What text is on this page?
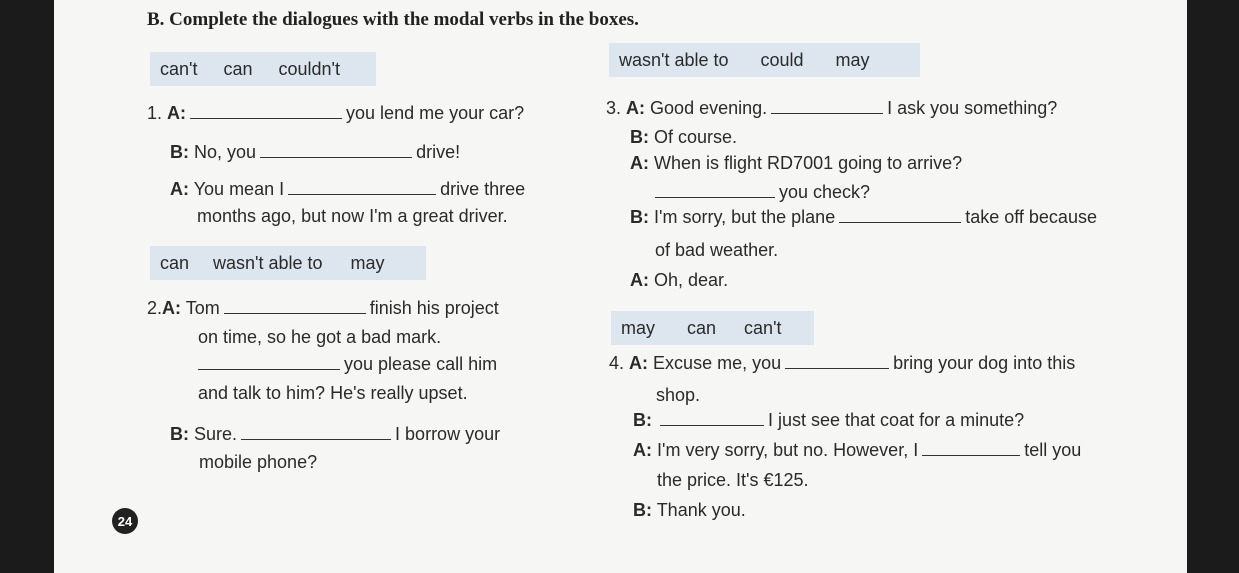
B. Complete the dialogues with the modal verbs in the boxes.
can't can couldn't	wasn't able to could may
1. A:	you lend me your car?
B: No, you	drive!
A: You mean I	drive three
months ago, but now I'm a great driver.
can wasn't able to may
2.A: Tom	finish his project
on time, so he got a bad mark.
you please call him
and talk to him? He's really upset.
B: Sure.	I borrow your
mobile phone?
3. A: Good evening.	I ask you something?
B: Of course.
A: When is flight RD7001 going to arrive?
you check?
B: I'm sorry, but the plane	take off because
of bad weather.
A: Oh, dear.
may can can't
4. A: Excuse me, you	bring your dog into this
shop.
B:	I just see that coat for a minute?
A: I'm very sorry, but no. However, I	tell you
the price. It's €125.
B: Thank you.
24
